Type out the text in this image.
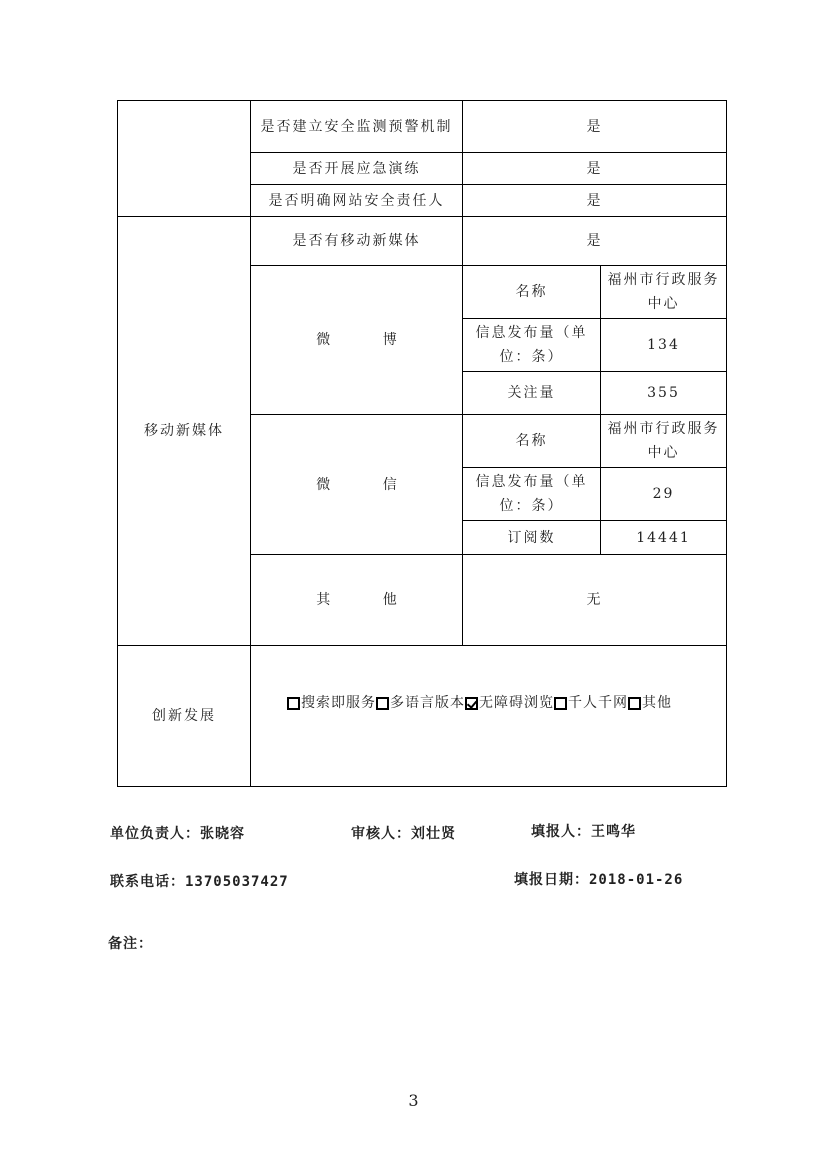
	是否建立安全监测预警机制	是	
	是否开展应急演练	是	
	是否明确网站安全责任人	是	
移动新媒体	是否有移动新媒体	是	
	微 博	名称	福州市行政服务中心
		信息发布量（单位：条）	134
		关注量	355
	微 信	名称	福州市行政服务中心
		信息发布量（单位：条）	29
		订阅数	14441
	其 他	无	
创新发展	搜索即服务 多语言版本 无障碍浏览 千人千网 其他		
单位负责人：张晓容	审核人：刘壮贤	填报人：王鸣华
联系电话：13705037427	填报日期：2018-01-26
备注：
3
